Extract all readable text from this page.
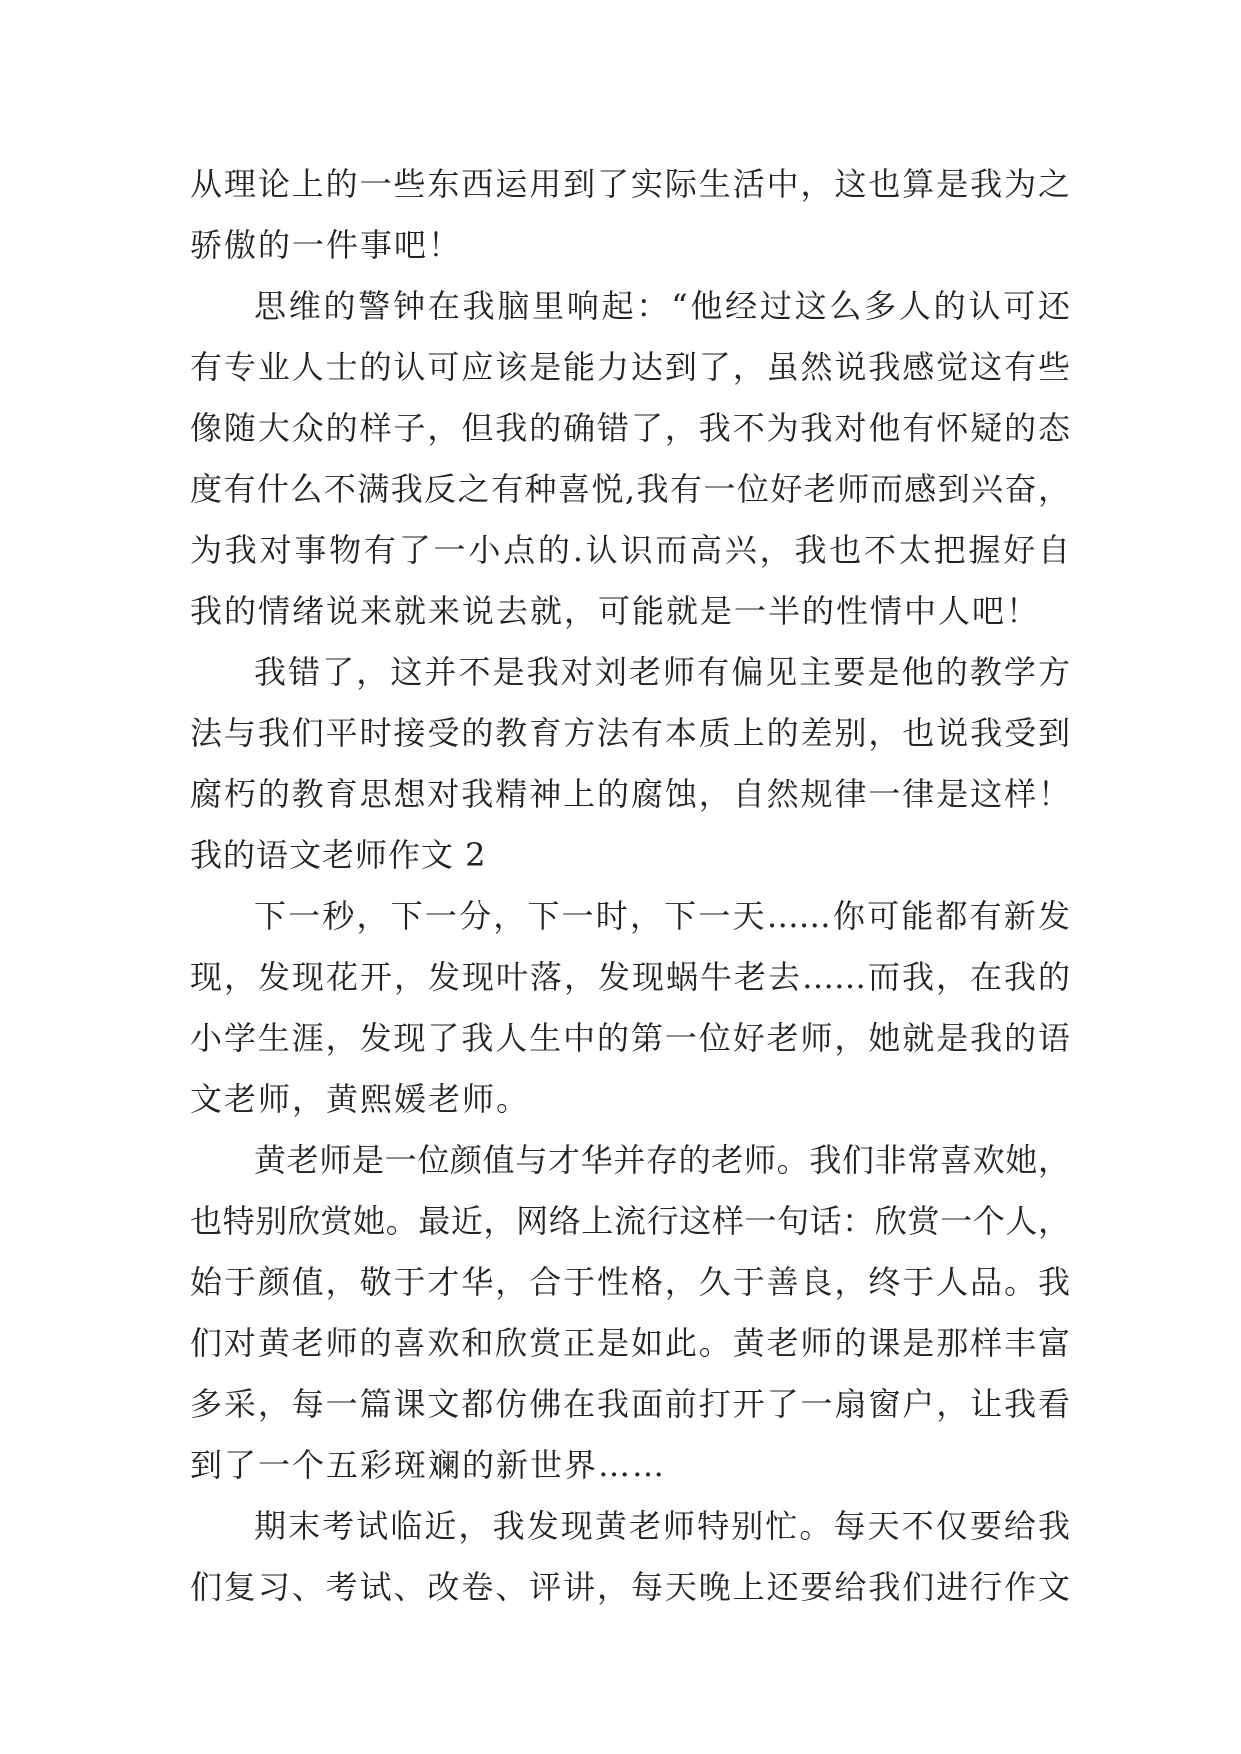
从理论上的一些东西运用到了实际生活中，这也算是我为之
骄傲的一件事吧！
思维的警钟在我脑里响起：“他经过这么多人的认可还
有专业人士的认可应该是能力达到了，虽然说我感觉这有些
像随大众的样子，但我的确错了，我不为我对他有怀疑的态
度有什么不满我反之有种喜悦,我有一位好老师而感到兴奋，
为我对事物有了一小点的.认识而高兴，我也不太把握好自
我的情绪说来就来说去就，可能就是一半的性情中人吧！
我错了，这并不是我对刘老师有偏见主要是他的教学方
法与我们平时接受的教育方法有本质上的差别，也说我受到
腐朽的教育思想对我精神上的腐蚀，自然规律一律是这样！
我的语文老师作文 2
下一秒，下一分，下一时，下一天……你可能都有新发
现，发现花开，发现叶落，发现蜗牛老去……而我，在我的
小学生涯，发现了我人生中的第一位好老师，她就是我的语
文老师，黄熙媛老师。
黄老师是一位颜值与才华并存的老师。我们非常喜欢她，
也特别欣赏她。最近，网络上流行这样一句话：欣赏一个人，
始于颜值，敬于才华，合于性格，久于善良，终于人品。我
们对黄老师的喜欢和欣赏正是如此。黄老师的课是那样丰富
多采，每一篇课文都仿佛在我面前打开了一扇窗户，让我看
到了一个五彩斑斓的新世界……
期末考试临近，我发现黄老师特别忙。每天不仅要给我
们复习、考试、改卷、评讲，每天晚上还要给我们进行作文
